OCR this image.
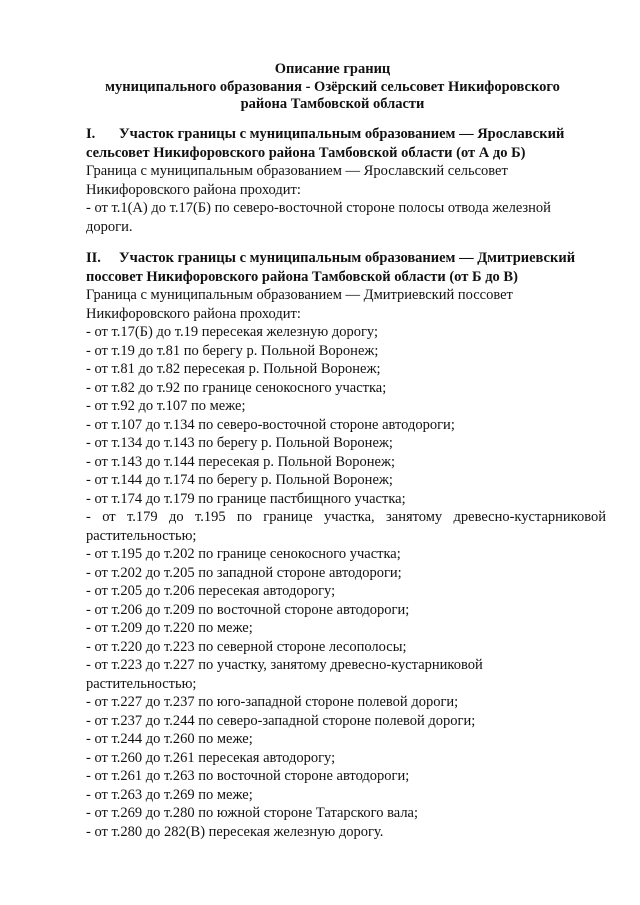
Описание границ
муниципального образования - Озёрский сельсовет Никифоровского
района Тамбовской области
I. Участок границы с муниципальным образованием — Ярославский
сельсовет Никифоровского района Тамбовской области (от А до Б)
Граница с муниципальным образованием — Ярославский сельсовет
Никифоровского района проходит:
- от т.1(А) до т.17(Б) по северо-восточной стороне полосы отвода железной
дороги.
II. Участок границы с муниципальным образованием — Дмитриевский
поссовет Никифоровского района Тамбовской области (от Б до В)
Граница с муниципальным образованием — Дмитриевский поссовет
Никифоровского района проходит:
- от т.17(Б) до т.19 пересекая железную дорогу;
- от т.19 до т.81 по берегу р. Польной Воронеж;
- от т.81 до т.82 пересекая р. Польной Воронеж;
- от т.82 до т.92 по границе сенокосного участка;
- от т.92 до т.107 по меже;
- от т.107 до т.134 по северо-восточной стороне автодороги;
- от т.134 до т.143 по берегу р. Польной Воронеж;
- от т.143 до т.144 пересекая р. Польной Воронеж;
- от т.144 до т.174 по берегу р. Польной Воронеж;
- от т.174 до т.179 по границе пастбищного участка;
- от т.179 до т.195 по границе участка, занятому древесно-кустарниковой
растительностью;
- от т.195 до т.202 по границе сенокосного участка;
- от т.202 до т.205 по западной стороне автодороги;
- от т.205 до т.206 пересекая автодорогу;
- от т.206 до т.209 по восточной стороне автодороги;
- от т.209 до т.220 по меже;
- от т.220 до т.223 по северной стороне лесополосы;
- от т.223 до т.227 по участку, занятому древесно-кустарниковой
растительностью;
- от т.227 до т.237 по юго-западной стороне полевой дороги;
- от т.237 до т.244 по северо-западной стороне полевой дороги;
- от т.244 до т.260 по меже;
- от т.260 до т.261 пересекая автодорогу;
- от т.261 до т.263 по восточной стороне автодороги;
- от т.263 до т.269 по меже;
- от т.269 до т.280 по южной стороне Татарского вала;
- от т.280 до 282(В) пересекая железную дорогу.
